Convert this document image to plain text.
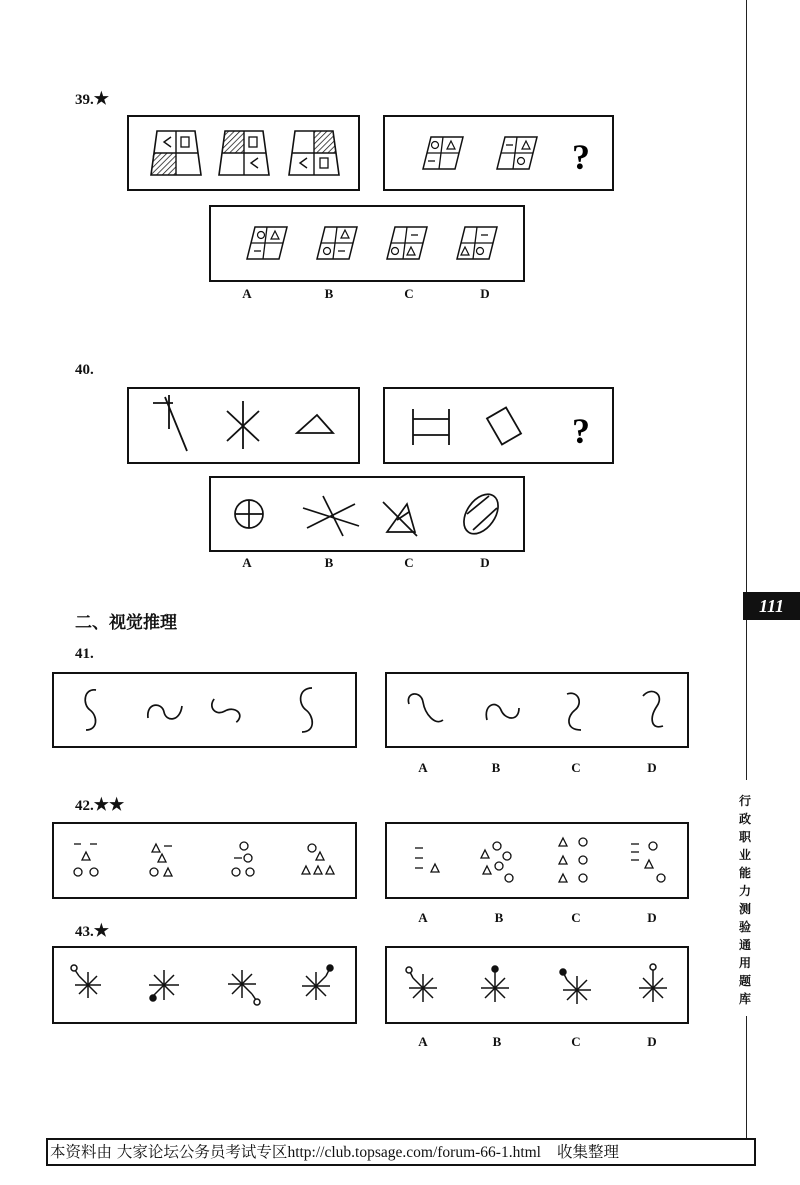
39.★
?
A	B	C	D
40.
?
A	B	C	D
二、视觉推理
41.
A	B	C	D
42.★★
A	B	C	D
43.★
A	B	C	D
111
行
政
职
业
能
力
测
验
通
用
题
库
本资料由 大家论坛公务员考试专区http://club.topsage.com/forum-66-1.html 收集整理
